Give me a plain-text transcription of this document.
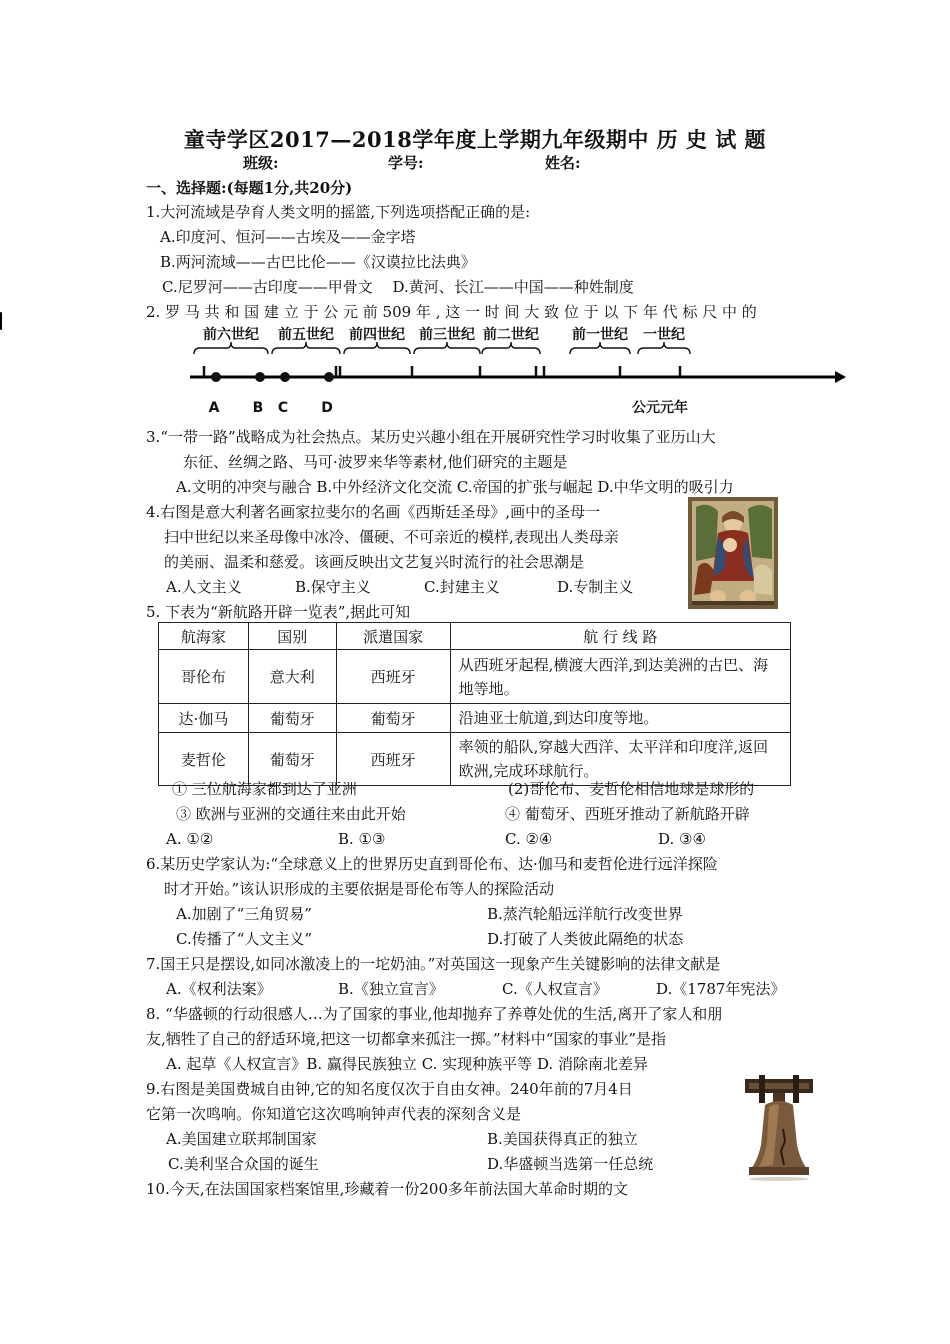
童寺学区2017—2018学年度上学期九年级期中 历 史 试 题
班级:	学号:	姓名:
一、选择题:(每题1分,共20分)
1.大河流域是孕育人类文明的摇篮,下列选项搭配正确的是:
A.印度河、恒河——古埃及——金字塔
B.两河流域——古巴比伦——《汉谟拉比法典》
C.尼罗河——古印度——甲骨文 　D.黄河、长江——中国——种姓制度
2. 罗 马 共 和 国 建 立 于 公 元 前 509 年 , 这 一 时 间 大 致 位 于 以 下 年 代 标 尺 中 的
前六世纪 前五世纪 前四世纪 前三世纪 前二世纪 前一世纪 一世纪
A B C D	公元元年
3.“一带一路”战略成为社会热点。某历史兴趣小组在开展研究性学习时收集了亚历山大
东征、丝绸之路、马可·波罗来华等素材,他们研究的主题是
A.文明的冲突与融合 B.中外经济文化交流 C.帝国的扩张与崛起 D.中华文明的吸引力
4.右图是意大利著名画家拉斐尔的名画《西斯廷圣母》,画中的圣母一
扫中世纪以来圣母像中冰冷、僵硬、不可亲近的模样,表现出人类母亲
的美丽、温柔和慈爱。该画反映出文艺复兴时流行的社会思潮是
A.人文主义	B.保守主义	C.封建主义	D.专制主义
5. 下表为“新航路开辟一览表”,据此可知
航海家	国别	派遣国家	航 行 线 路
哥伦布	意大利	西班牙	从西班牙起程,横渡大西洋,到达美洲的古巴、海地等地。
达·伽马	葡萄牙	葡萄牙	沿迪亚士航道,到达印度等地。
麦哲伦	葡萄牙	西班牙	率领的船队,穿越大西洋、太平洋和印度洋,返回欧洲,完成环球航行。
① 三位航海家都到达了亚洲	(2)哥伦布、麦哲伦相信地球是球形的
③ 欧洲与亚洲的交通往来由此开始	④ 葡萄牙、西班牙推动了新航路开辟
A. ①②	B. ①③	C. ②④	D. ③④
6.某历史学家认为:“全球意义上的世界历史直到哥伦布、达·伽马和麦哲伦进行远洋探险
时才开始。”该认识形成的主要依据是哥伦布等人的探险活动
A.加剧了“三角贸易”	B.蒸汽轮船远洋航行改变世界
C.传播了“人文主义”	D.打破了人类彼此隔绝的状态
7.国王只是摆设,如同冰激凌上的一坨奶油。”对英国这一现象产生关键影响的法律文献是
A.《权利法案》	B.《独立宣言》	C.《人权宣言》	D.《1787年宪法》
8. “华盛顿的行动很感人…为了国家的事业,他却抛弃了养尊处优的生活,离开了家人和朋
友,牺牲了自己的舒适环境,把这一切都拿来孤注一掷。”材料中“国家的事业”是指
A. 起草《人权宣言》B. 赢得民族独立 C. 实现种族平等 D. 消除南北差异
9.右图是美国费城自由钟,它的知名度仅次于自由女神。240年前的7月4日
它第一次鸣响。你知道它这次鸣响钟声代表的深刻含义是
A.美国建立联邦制国家	B.美国获得真正的独立
C.美利坚合众国的诞生	D.华盛顿当选第一任总统
10.今天,在法国国家档案馆里,珍藏着一份200多年前法国大革命时期的文
